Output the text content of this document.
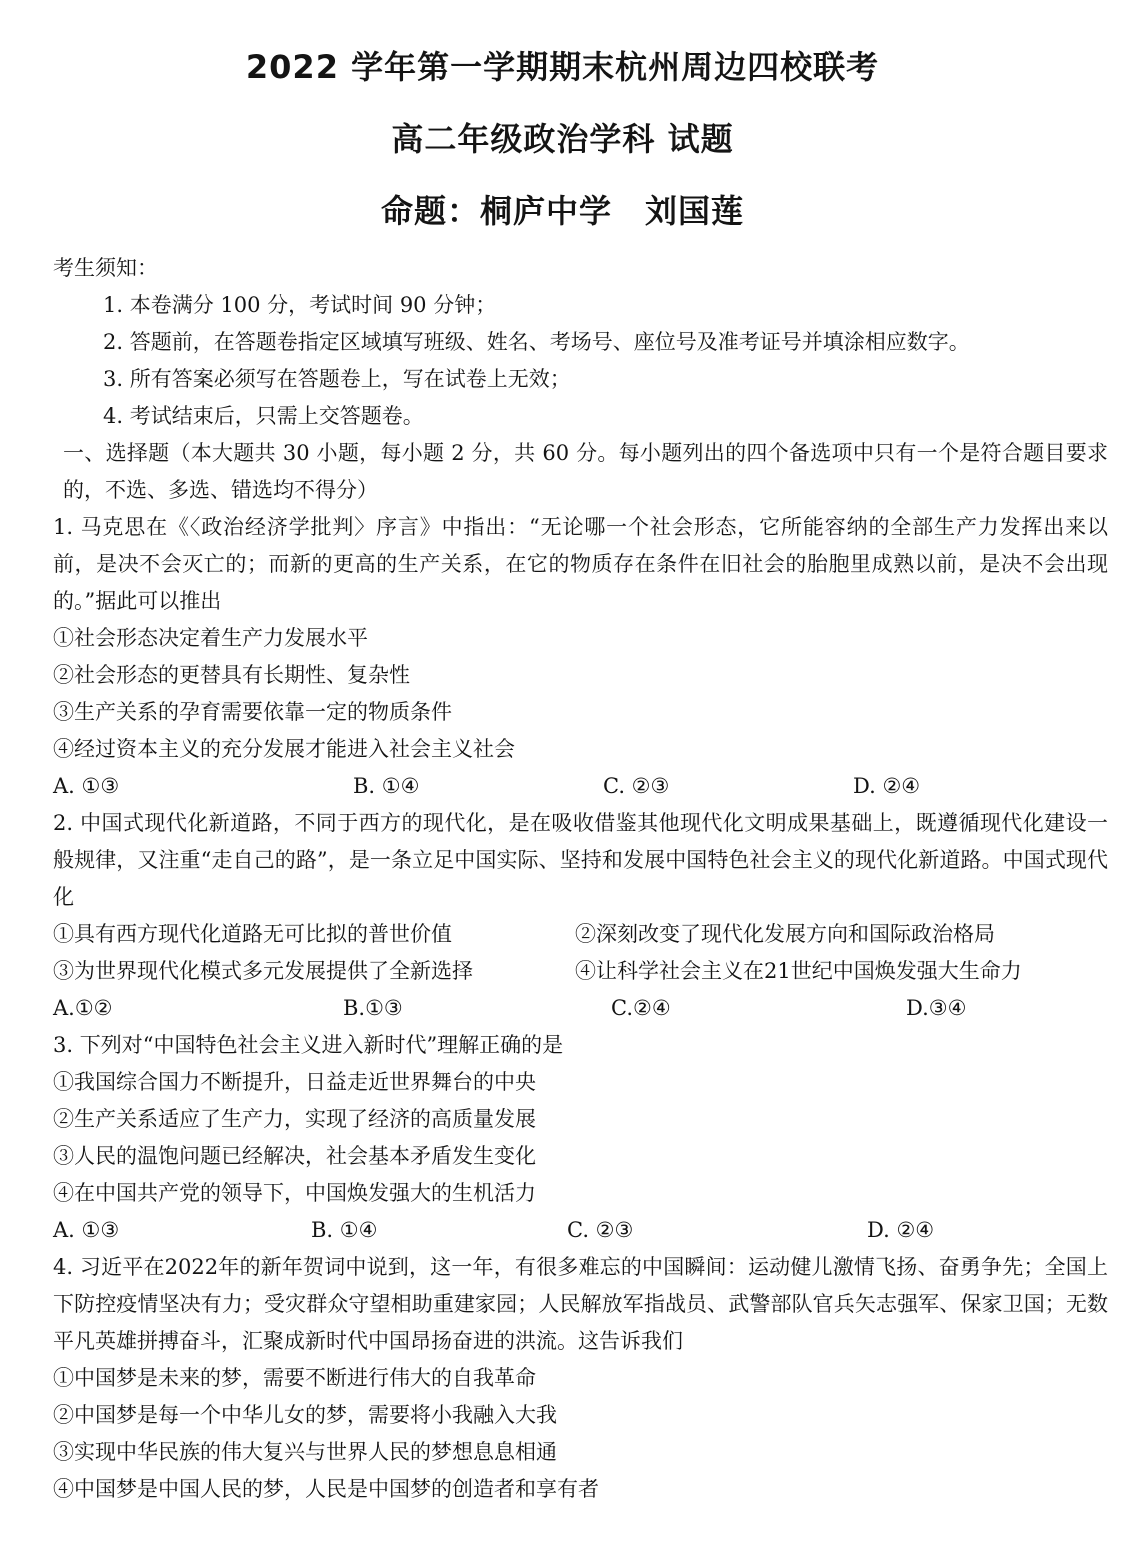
2022 学年第一学期期末杭州周边四校联考
高二年级政治学科 试题
命题：桐庐中学　刘国莲
考生须知：
1. 本卷满分 100 分，考试时间 90 分钟；
2. 答题前，在答题卷指定区域填写班级、姓名、考场号、座位号及准考证号并填涂相应数字。
3. 所有答案必须写在答题卷上，写在试卷上无效；
4. 考试结束后，只需上交答题卷。
一、选择题（本大题共 30 小题，每小题 2 分，共 60 分。每小题列出的四个备选项中只有一个是符合题目要求的，不选、多选、错选均不得分）
1. 马克思在《〈政治经济学批判〉序言》中指出：“无论哪一个社会形态，它所能容纳的全部生产力发挥出来以前，是决不会灭亡的；而新的更高的生产关系，在它的物质存在条件在旧社会的胎胞里成熟以前，是决不会出现的。”据此可以推出
①社会形态决定着生产力发展水平
②社会形态的更替具有长期性、复杂性
③生产关系的孕育需要依靠一定的物质条件
④经过资本主义的充分发展才能进入社会主义社会
A. ①③	B. ①④	C. ②③	D. ②④
2. 中国式现代化新道路，不同于西方的现代化，是在吸收借鉴其他现代化文明成果基础上，既遵循现代化建设一般规律，又注重“走自己的路”，是一条立足中国实际、坚持和发展中国特色社会主义的现代化新道路。中国式现代化
①具有西方现代化道路无可比拟的普世价值	②深刻改变了现代化发展方向和国际政治格局
③为世界现代化模式多元发展提供了全新选择	④让科学社会主义在21世纪中国焕发强大生命力
A.①②	B.①③	C.②④	D.③④
3. 下列对“中国特色社会主义进入新时代”理解正确的是
①我国综合国力不断提升，日益走近世界舞台的中央
②生产关系适应了生产力，实现了经济的高质量发展
③人民的温饱问题已经解决，社会基本矛盾发生变化
④在中国共产党的领导下，中国焕发强大的生机活力
A. ①③	B. ①④	C. ②③	D. ②④
4. 习近平在2022年的新年贺词中说到，这一年，有很多难忘的中国瞬间：运动健儿激情飞扬、奋勇争先；全国上下防控疫情坚决有力；受灾群众守望相助重建家园；人民解放军指战员、武警部队官兵矢志强军、保家卫国；无数平凡英雄拼搏奋斗，汇聚成新时代中国昂扬奋进的洪流。这告诉我们
①中国梦是未来的梦，需要不断进行伟大的自我革命
②中国梦是每一个中华儿女的梦，需要将小我融入大我
③实现中华民族的伟大复兴与世界人民的梦想息息相通
④中国梦是中国人民的梦，人民是中国梦的创造者和享有者
